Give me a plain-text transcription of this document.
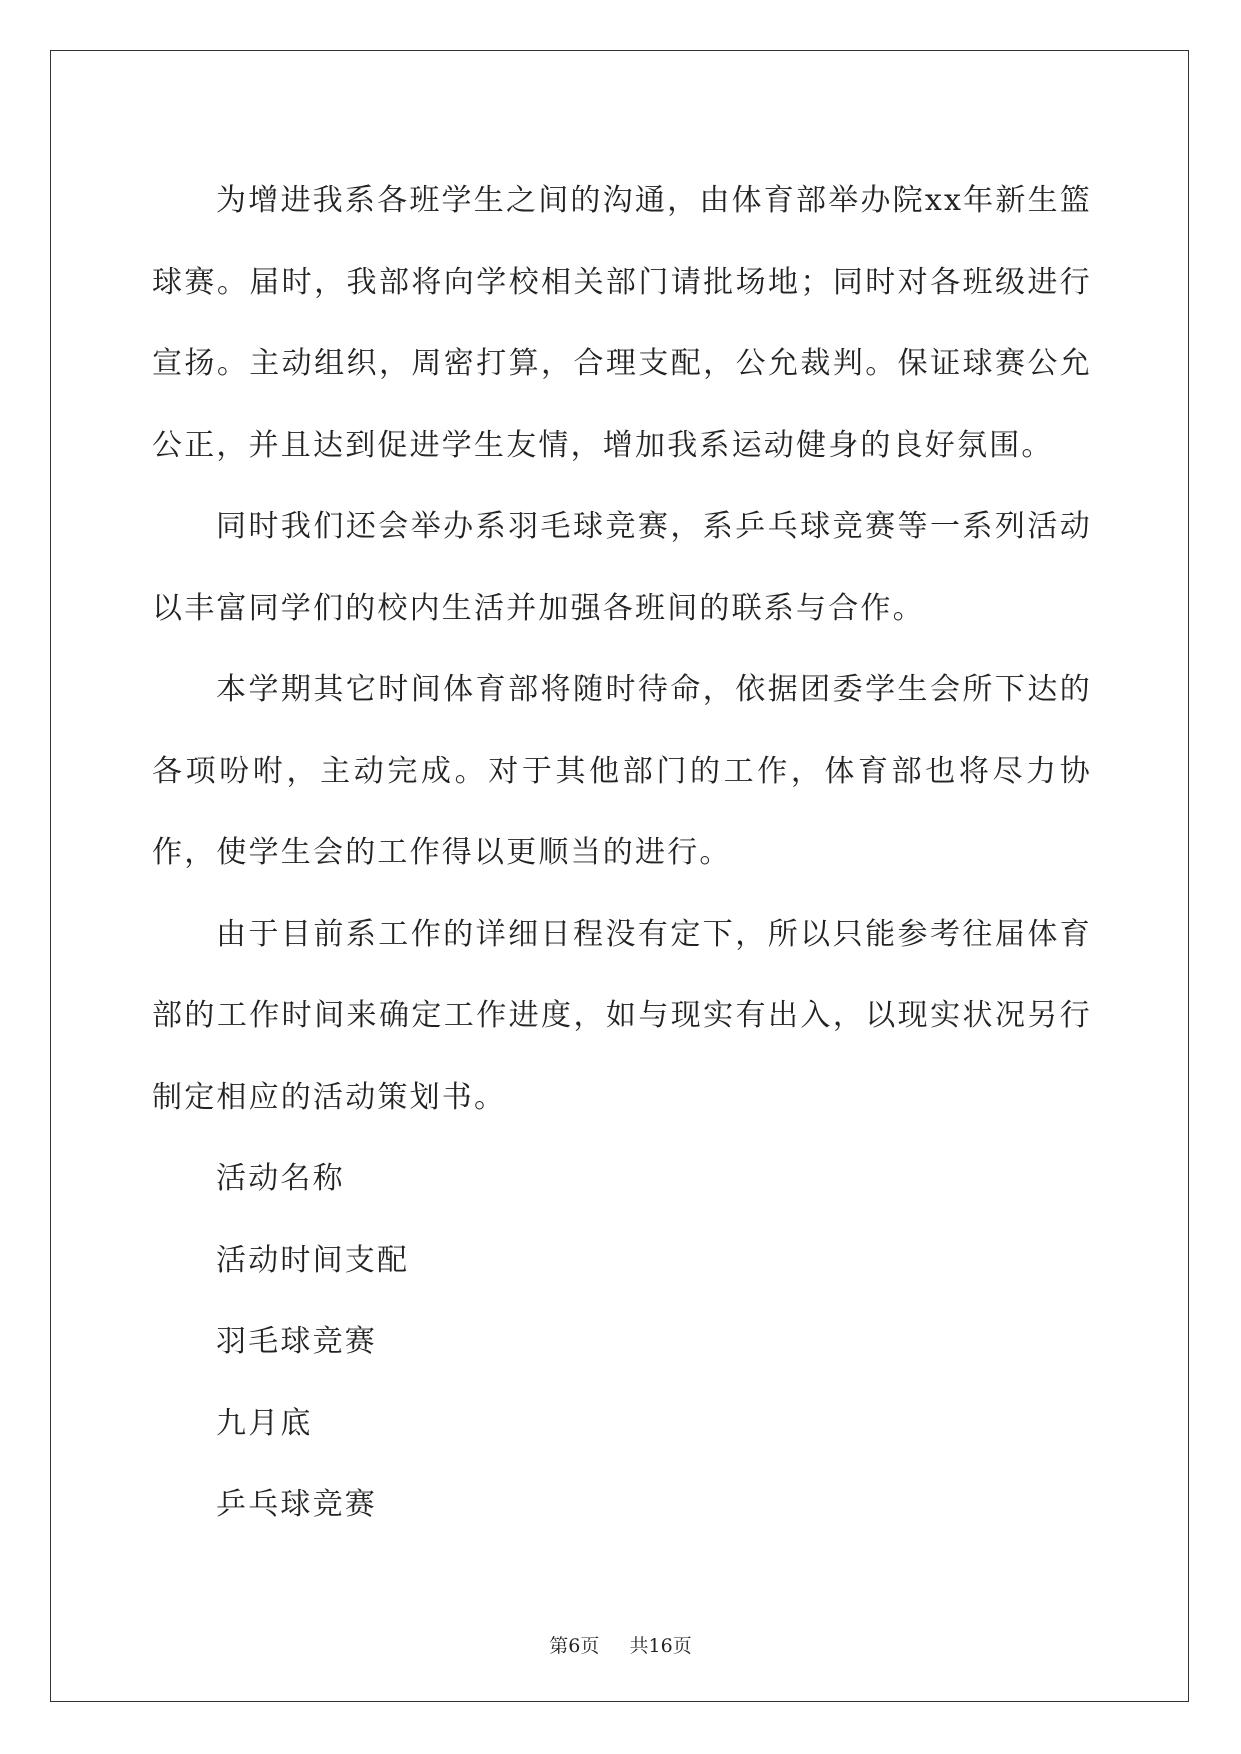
为增进我系各班学生之间的沟通，由体育部举办院xx年新生篮球赛。届时，我部将向学校相关部门请批场地；同时对各班级进行宣扬。主动组织，周密打算，合理支配，公允裁判。保证球赛公允公正，并且达到促进学生友情，增加我系运动健身的良好氛围。

同时我们还会举办系羽毛球竞赛，系乒乓球竞赛等一系列活动以丰富同学们的校内生活并加强各班间的联系与合作。

本学期其它时间体育部将随时待命，依据团委学生会所下达的各项吩咐，主动完成。对于其他部门的工作，体育部也将尽力协作，使学生会的工作得以更顺当的进行。

由于目前系工作的详细日程没有定下，所以只能参考往届体育部的工作时间来确定工作进度，如与现实有出入，以现实状况另行制定相应的活动策划书。

活动名称

活动时间支配

羽毛球竞赛

九月底

乒乓球竞赛

第6页 共16页
